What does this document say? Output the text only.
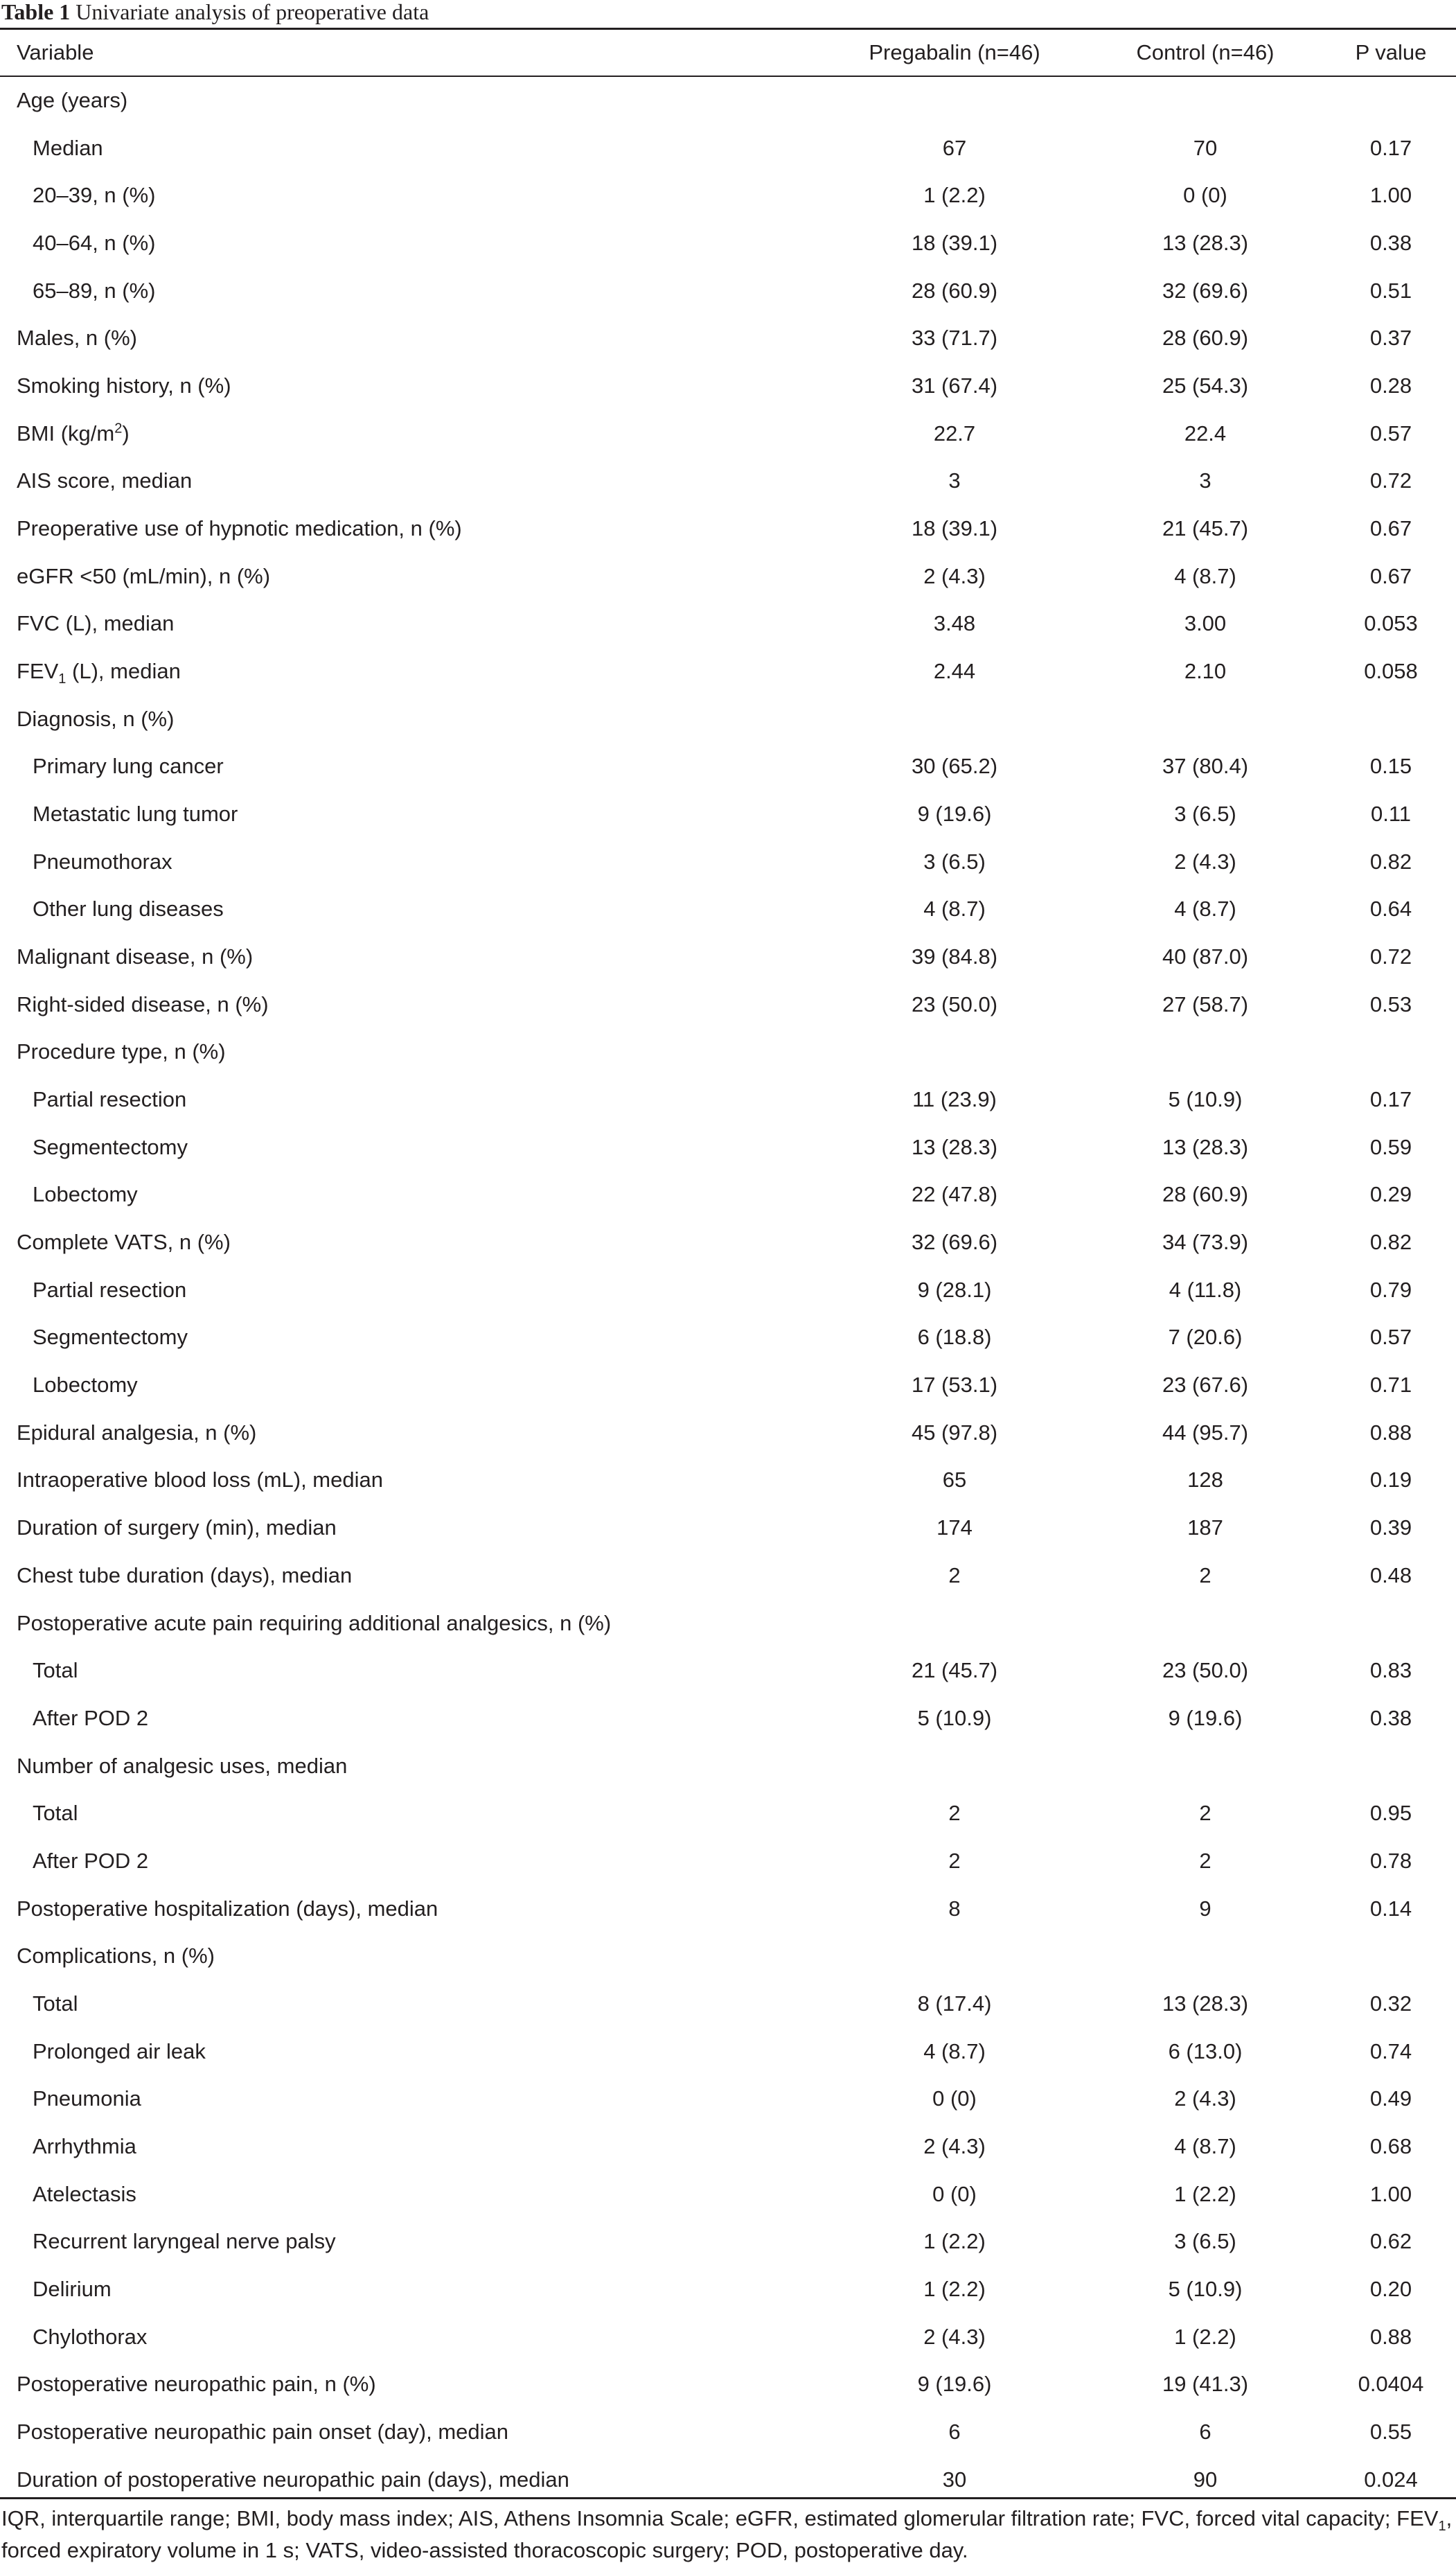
Table 1 Univariate analysis of preoperative data
Variable	Pregabalin (n=46)	Control (n=46)	P value
Age (years)
Median	67	70	0.17
20–39, n (%)	1 (2.2)	0 (0)	1.00
40–64, n (%)	18 (39.1)	13 (28.3)	0.38
65–89, n (%)	28 (60.9)	32 (69.6)	0.51
Males, n (%)	33 (71.7)	28 (60.9)	0.37
Smoking history, n (%)	31 (67.4)	25 (54.3)	0.28
BMI $(kg/m^2)$	22.7	22.4	0.57
AIS score, median	3	3	0.72
Preoperative use of hypnotic medication, n (%)	18 (39.1)	21 (45.7)	0.67
eGFR <50 (mL/min), n (%)	2 (4.3)	4 (8.7)	0.67
FVC (L), median	3.48	3.00	0.053
$FEV_1$ (L), median	2.44	2.10	0.058
Diagnosis, n (%)
Primary lung cancer	30 (65.2)	37 (80.4)	0.15
Metastatic lung tumor	9 (19.6)	3 (6.5)	0.11
Pneumothorax	3 (6.5)	2 (4.3)	0.82
Other lung diseases	4 (8.7)	4 (8.7)	0.64
Malignant disease, n (%)	39 (84.8)	40 (87.0)	0.72
Right-sided disease, n (%)	23 (50.0)	27 (58.7)	0.53
Procedure type, n (%)
Partial resection	11 (23.9)	5 (10.9)	0.17
Segmentectomy	13 (28.3)	13 (28.3)	0.59
Lobectomy	22 (47.8)	28 (60.9)	0.29
Complete VATS, n (%)	32 (69.6)	34 (73.9)	0.82
Partial resection	9 (28.1)	4 (11.8)	0.79
Segmentectomy	6 (18.8)	7 (20.6)	0.57
Lobectomy	17 (53.1)	23 (67.6)	0.71
Epidural analgesia, n (%)	45 (97.8)	44 (95.7)	0.88
Intraoperative blood loss (mL), median	65	128	0.19
Duration of surgery (min), median	174	187	0.39
Chest tube duration (days), median	2	2	0.48
Postoperative acute pain requiring additional analgesics, n (%)
Total	21 (45.7)	23 (50.0)	0.83
After POD 2	5 (10.9)	9 (19.6)	0.38
Number of analgesic uses, median
Total	2	2	0.95
After POD 2	2	2	0.78
Postoperative hospitalization (days), median	8	9	0.14
Complications, n (%)
Total	8 (17.4)	13 (28.3)	0.32
Prolonged air leak	4 (8.7)	6 (13.0)	0.74
Pneumonia	0 (0)	2 (4.3)	0.49
Arrhythmia	2 (4.3)	4 (8.7)	0.68
Atelectasis	0 (0)	1 (2.2)	1.00
Recurrent laryngeal nerve palsy	1 (2.2)	3 (6.5)	0.62
Delirium	1 (2.2)	5 (10.9)	0.20
Chylothorax	2 (4.3)	1 (2.2)	0.88
Postoperative neuropathic pain, n (%)	9 (19.6)	19 (41.3)	0.0404
Postoperative neuropathic pain onset (day), median	6	6	0.55
Duration of postoperative neuropathic pain (days), median	30	90	0.024
IQR, interquartile range; BMI, body mass index; AIS, Athens Insomnia Scale; eGFR, estimated glomerular filtration rate; FVC, forced vital capacity; $FEV_1$, forced expiratory volume in 1 s; VATS, video-assisted thoracoscopic surgery; POD, postoperative day.
